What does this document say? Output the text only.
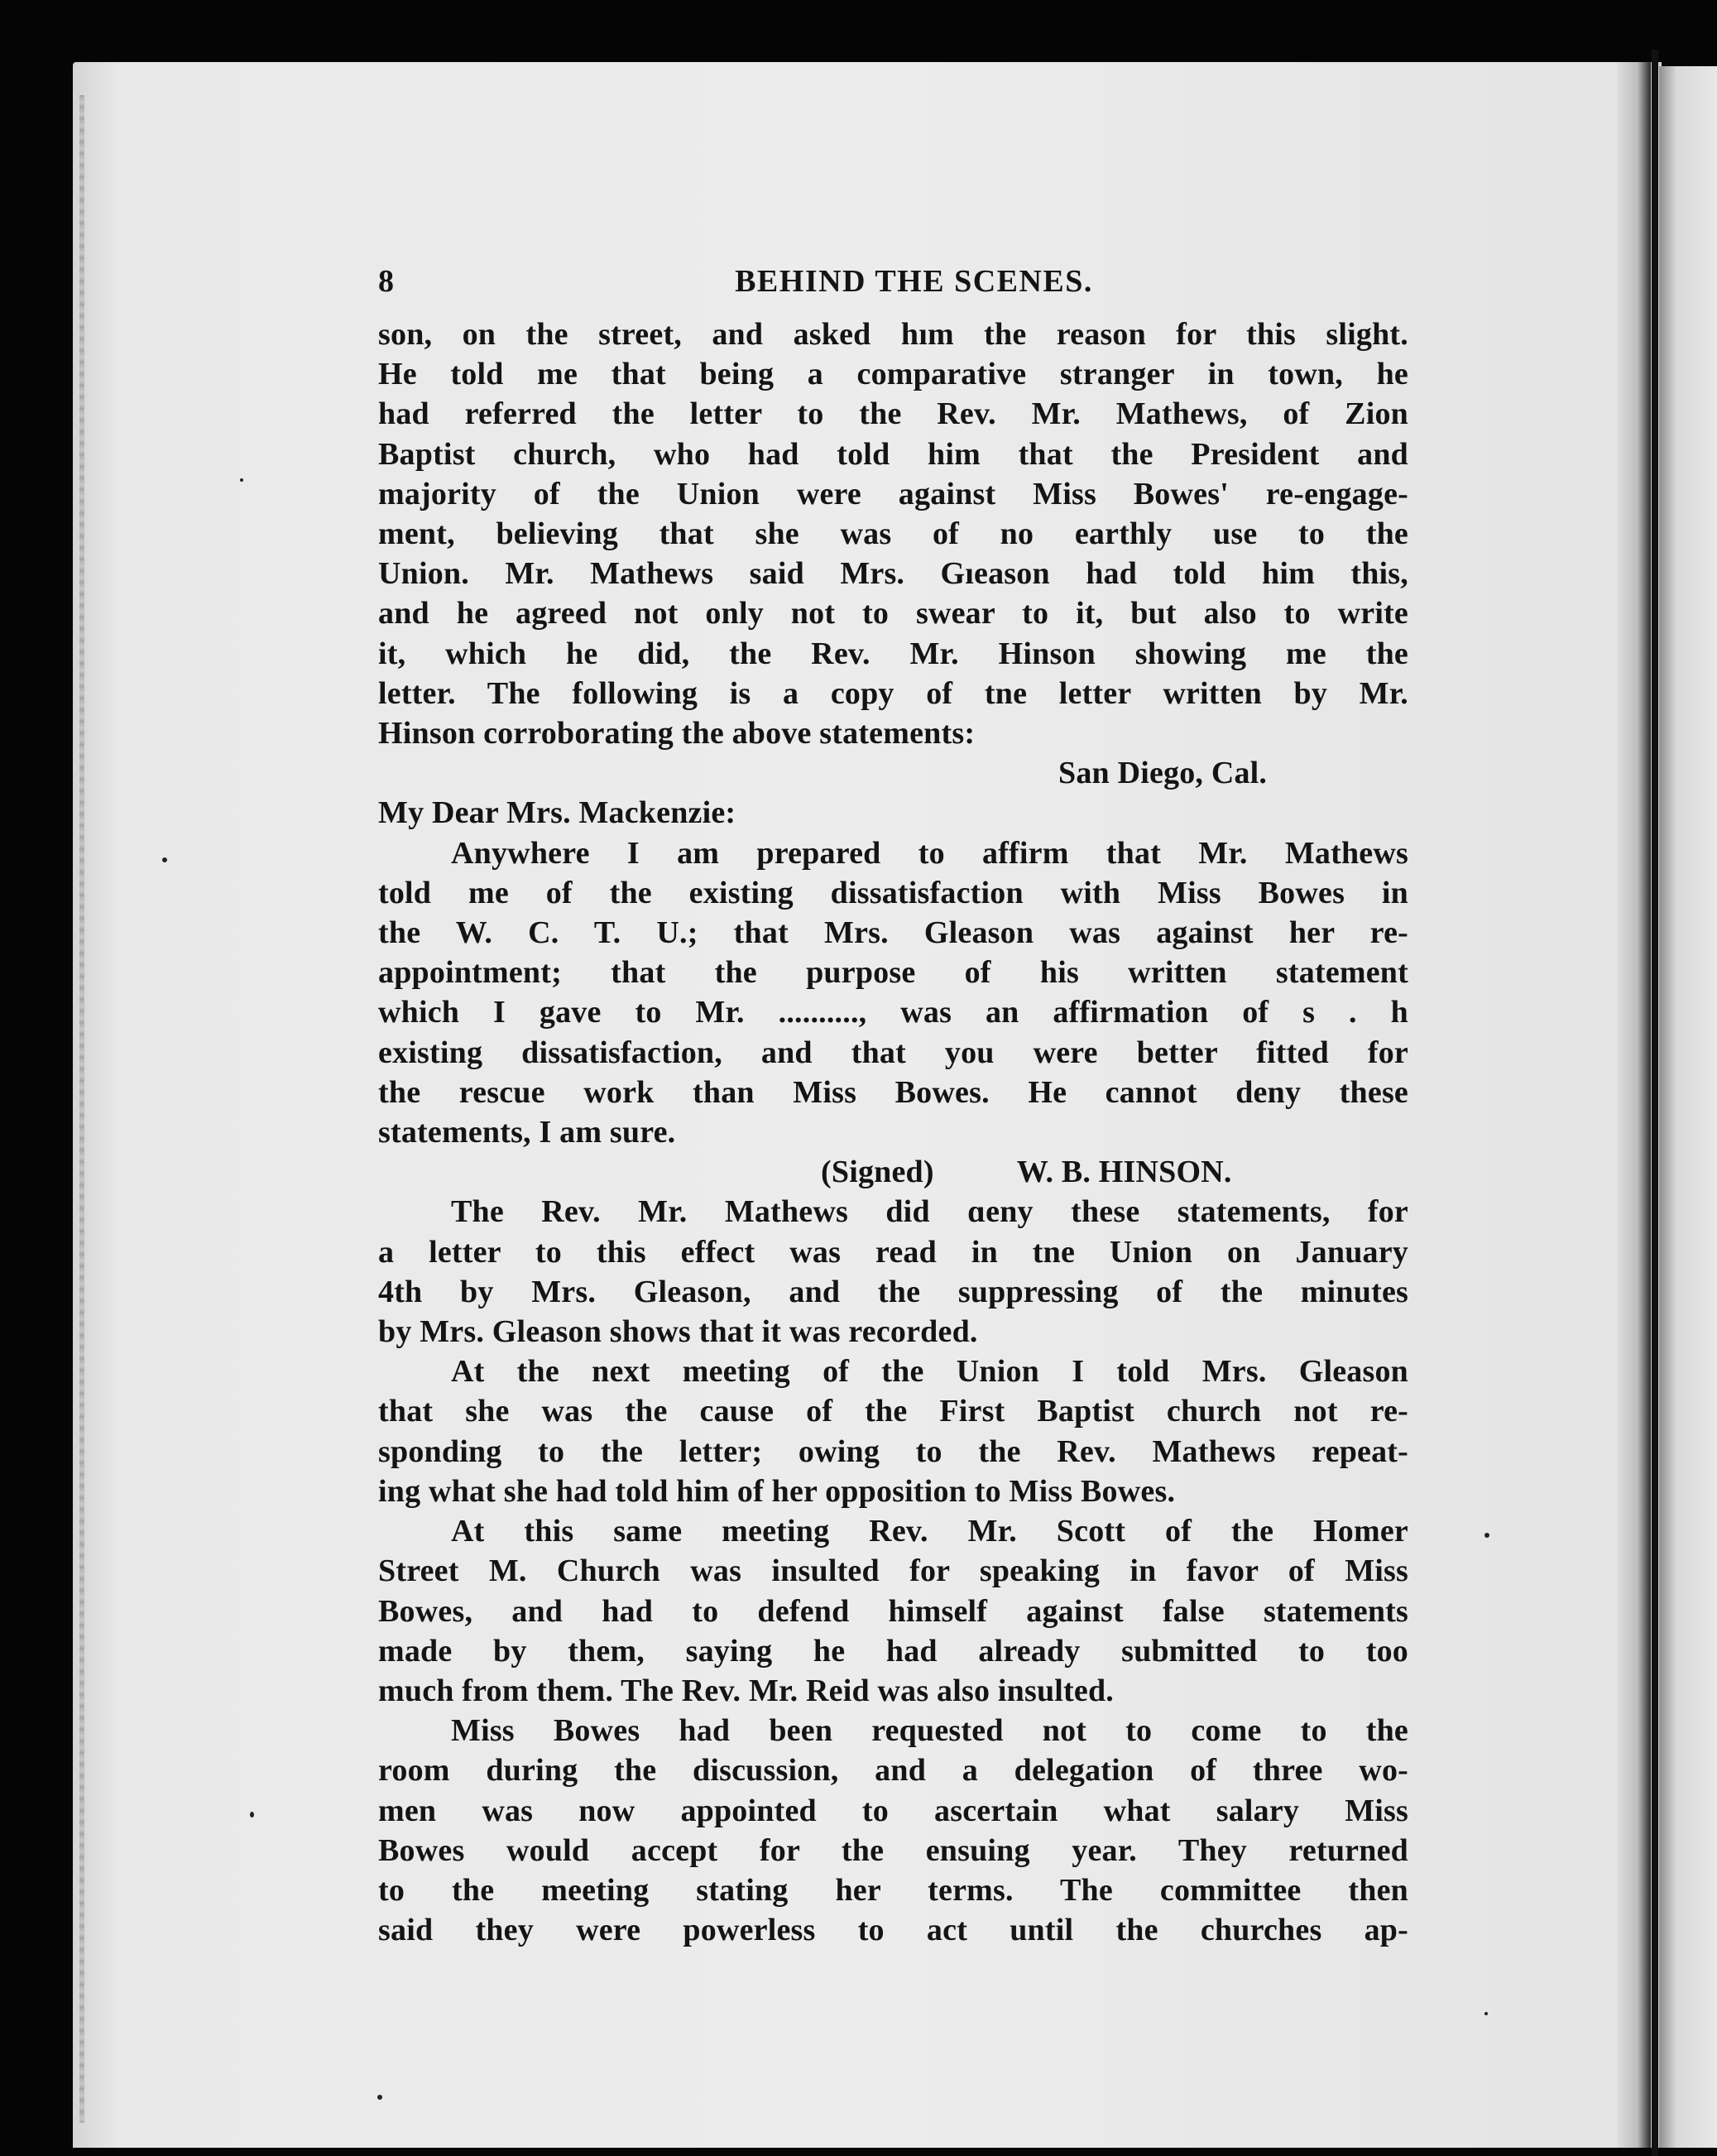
8	BEHIND THE SCENES.
son, on the street, and asked hım the reason for this slight.
He told me that being a comparative stranger in town, he
had referred the letter to the Rev. Mr. Mathews, of Zion
Baptist church, who had told him that the President and
majority of the Union were against Miss Bowes' re-engage-
ment, believing that she was of no earthly use to the
Union. Mr. Mathews said Mrs. Gıeason had told him this,
and he agreed not only not to swear to it, but also to write
it, which he did, the Rev. Mr. Hinson showing me the
letter. The following is a copy of tne letter written by Mr.
Hinson corroborating the above statements:
San Diego, Cal.
My Dear Mrs. Mackenzie:
Anywhere I am prepared to affirm that Mr. Mathews
told me of the existing dissatisfaction with Miss Bowes in
the W. C. T. U.; that Mrs. Gleason was against her re-
appointment; that the purpose of his written statement
which I gave to Mr. .........., was an affirmation of s . h
existing dissatisfaction, and that you were better fitted for
the rescue work than Miss Bowes. He cannot deny these
statements, I am sure.
(Signed)	W. B. HINSON.
The Rev. Mr. Mathews did ɑeny these statements, for
a letter to this effect was read in tne Union on January
4th by Mrs. Gleason, and the suppressing of the minutes
by Mrs. Gleason shows that it was recorded.
At the next meeting of the Union I told Mrs. Gleason
that she was the cause of the First Baptist church not re-
sponding to the letter; owing to the Rev. Mathews repeat-
ing what she had told him of her opposition to Miss Bowes.
At this same meeting Rev. Mr. Scott of the Homer
Street M. Church was insulted for speaking in favor of Miss
Bowes, and had to defend himself against false statements
made by them, saying he had already submitted to too
much from them. The Rev. Mr. Reid was also insulted.
Miss Bowes had been requested not to come to the
room during the discussion, and a delegation of three wo-
men was now appointed to ascertain what salary Miss
Bowes would accept for the ensuing year. They returned
to the meeting stating her terms. The committee then
said they were powerless to act until the churches ap-
